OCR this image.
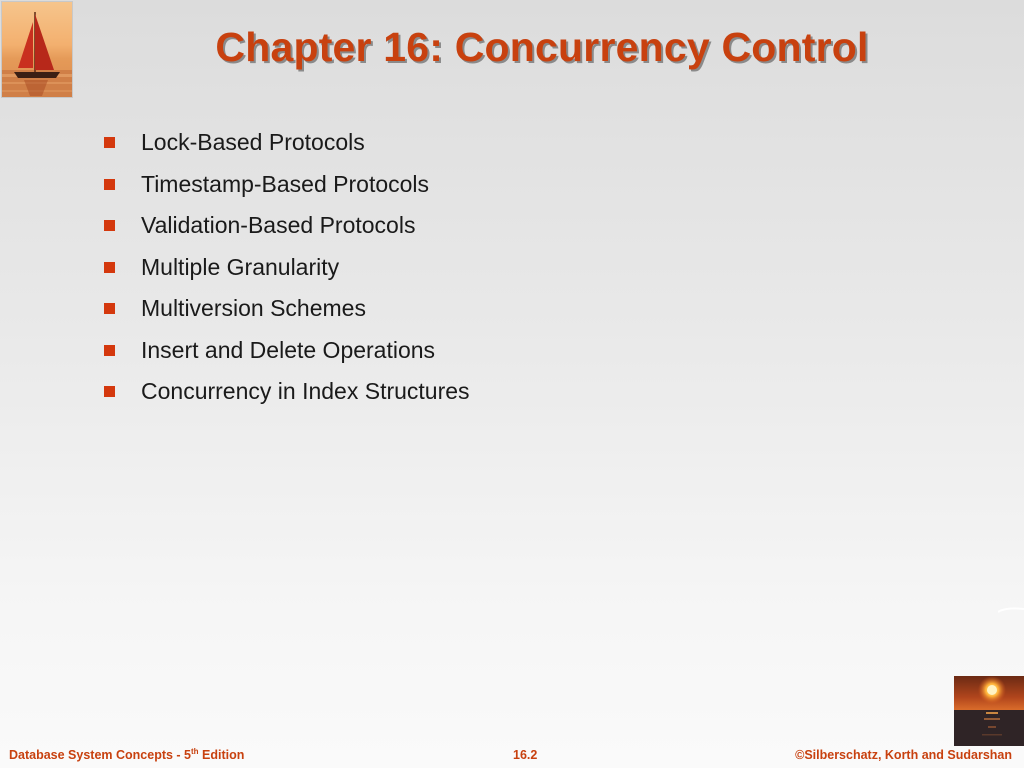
Chapter 16: Concurrency Control
Lock-Based Protocols
Timestamp-Based Protocols
Validation-Based Protocols
Multiple Granularity
Multiversion Schemes
Insert and Delete Operations
Concurrency in Index Structures
Database System Concepts - 5th Edition	16.2	©Silberschatz, Korth and Sudarshan
